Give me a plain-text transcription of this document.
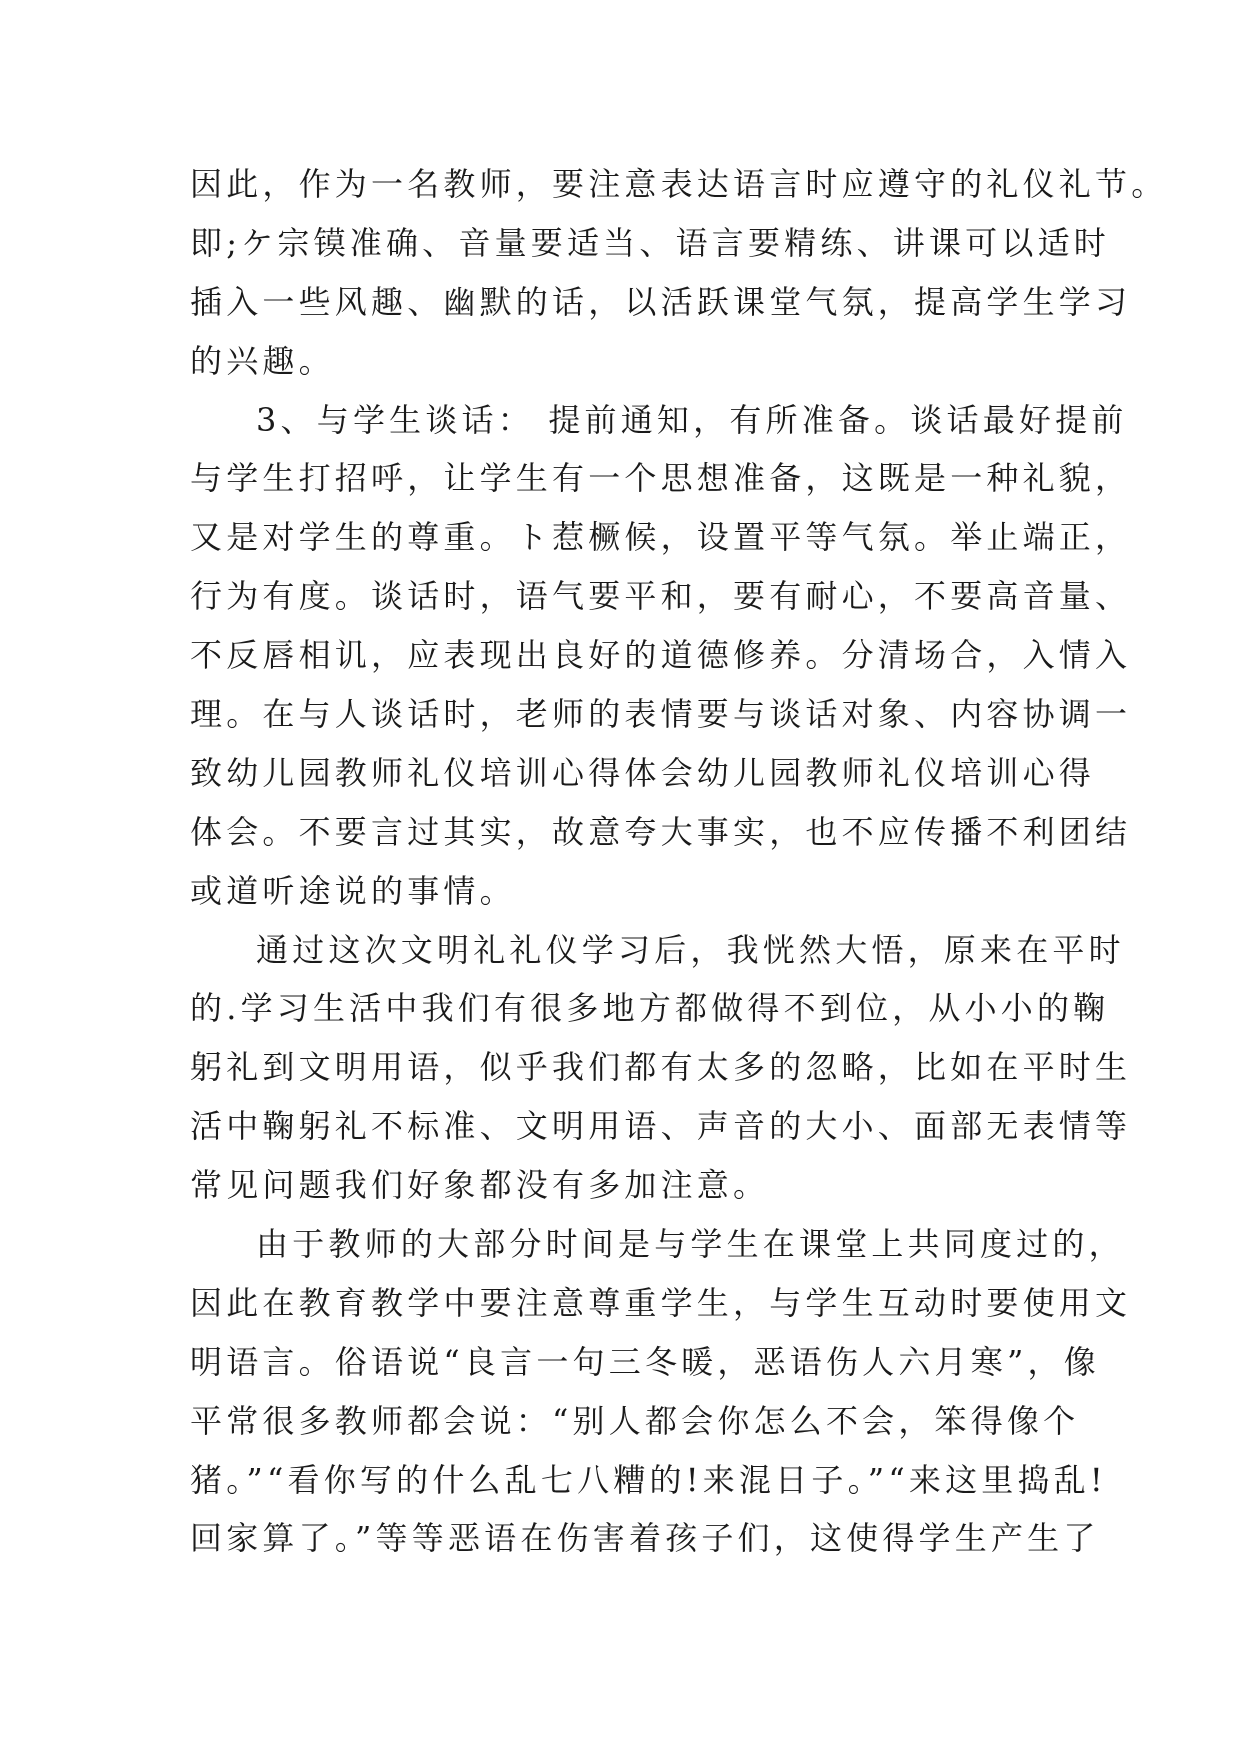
因此，作为一名教师，要注意表达语言时应遵守的礼仪礼节。
即;ケ宗镆准确、音量要适当、语言要精练、讲课可以适时
插入一些风趣、幽默的话，以活跃课堂气氛，提高学生学习
的兴趣。
3、与学生谈话： 提前通知，有所准备。谈话最好提前
与学生打招呼，让学生有一个思想准备，这既是一种礼貌，
又是对学生的尊重。ト惹橛候，设置平等气氛。举止端正，
行为有度。谈话时，语气要平和，要有耐心，不要高音量、
不反唇相讥，应表现出良好的道德修养。分清场合，入情入
理。在与人谈话时，老师的表情要与谈话对象、内容协调一
致幼儿园教师礼仪培训心得体会幼儿园教师礼仪培训心得
体会。不要言过其实，故意夸大事实，也不应传播不利团结
或道听途说的事情。
通过这次文明礼礼仪学习后，我恍然大悟，原来在平时
的.学习生活中我们有很多地方都做得不到位，从小小的鞠
躬礼到文明用语，似乎我们都有太多的忽略，比如在平时生
活中鞠躬礼不标准、文明用语、声音的大小、面部无表情等
常见问题我们好象都没有多加注意。
由于教师的大部分时间是与学生在课堂上共同度过的，
因此在教育教学中要注意尊重学生，与学生互动时要使用文
明语言。俗语说“良言一句三冬暖，恶语伤人六月寒”，像
平常很多教师都会说：“别人都会你怎么不会，笨得像个
猪。”“看你写的什么乱七八糟的!来混日子。”“来这里捣乱!
回家算了。”等等恶语在伤害着孩子们，这使得学生产生了
